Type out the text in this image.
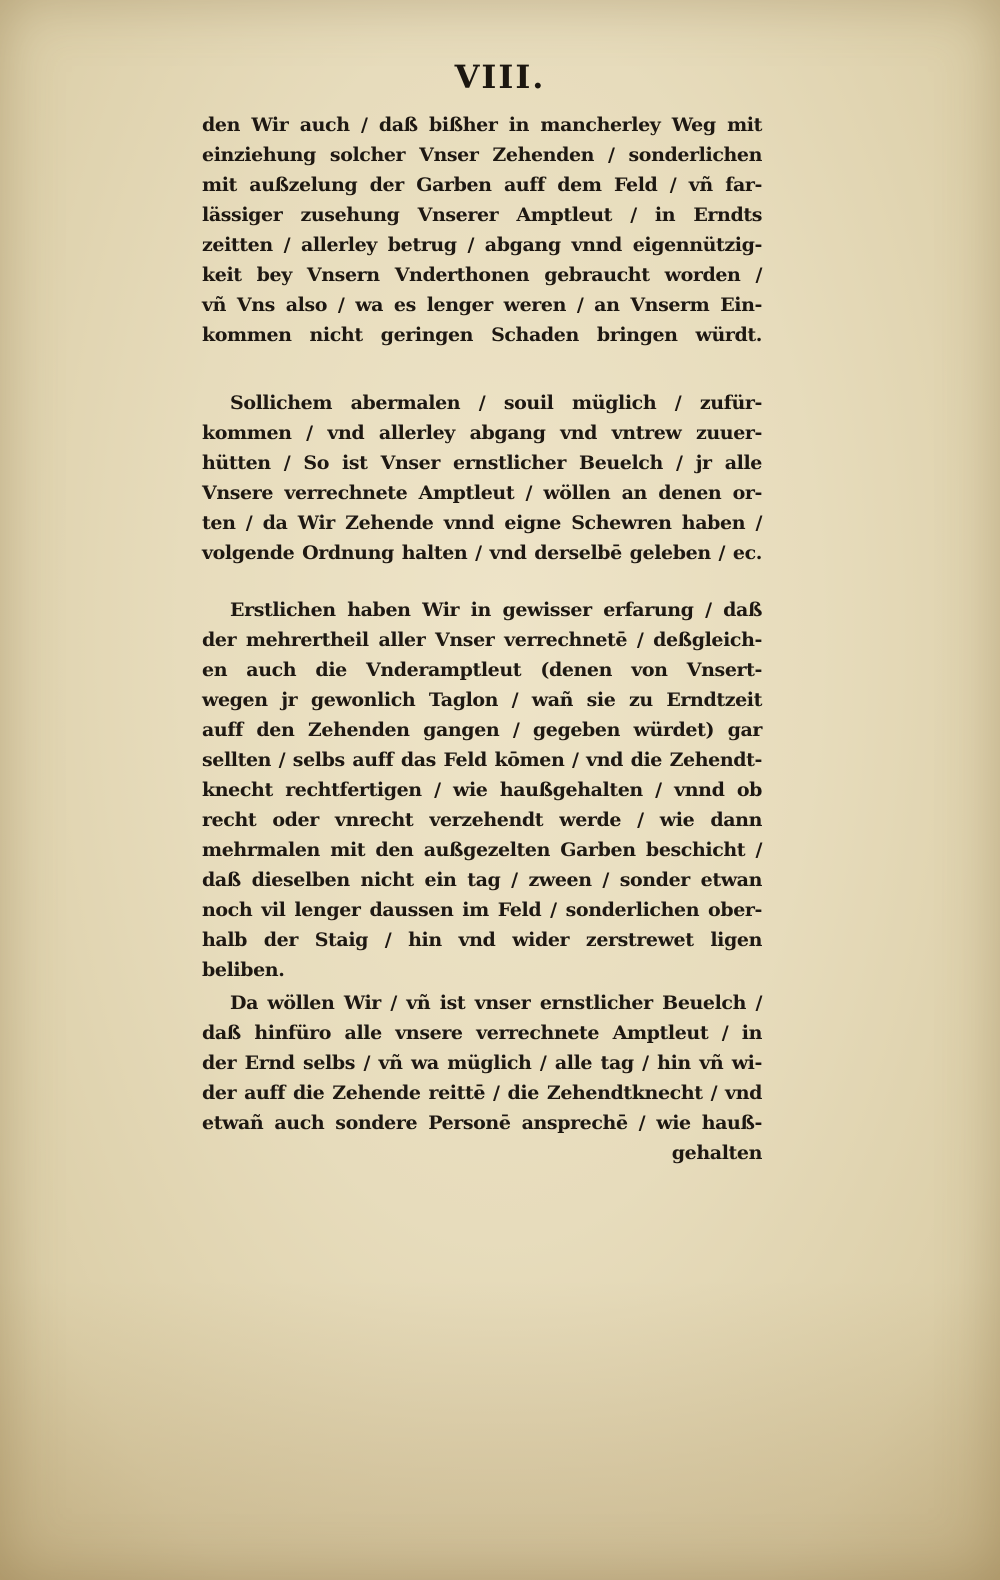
VIII.
den Wir auch / daß bißher in mancherley Weg mit
einziehung solcher Vnser Zehenden / sonderlichen
mit außzelung der Garben auff dem Feld / vñ far-
lässiger zusehung Vnserer Amptleut / in Erndts
zeitten / allerley betrug / abgang vnnd eigennützig-
keit bey Vnsern Vnderthonen gebraucht worden /
vñ Vns also / wa es lenger weren / an Vnserm Ein-
kommen nicht geringen Schaden bringen würdt.
Sollichem abermalen / souil müglich / zufür-
kommen / vnd allerley abgang vnd vntrew zuuer-
hütten / So ist Vnser ernstlicher Beuelch / jr alle
Vnsere verrechnete Amptleut / wöllen an denen or-
ten / da Wir Zehende vnnd eigne Schewren haben /
volgende Ordnung halten / vnd derselbē geleben / ec.
Erstlichen haben Wir in gewisser erfarung / daß
der mehrertheil aller Vnser verrechnetē / deßgleich-
en auch die Vnderamptleut (denen von Vnsert-
wegen jr gewonlich Taglon / wañ sie zu Erndtzeit
auff den Zehenden gangen / gegeben würdet) gar
sellten / selbs auff das Feld kōmen / vnd die Zehendt-
knecht rechtfertigen / wie haußgehalten / vnnd ob
recht oder vnrecht verzehendt werde / wie dann
mehrmalen mit den außgezelten Garben beschicht /
daß dieselben nicht ein tag / zween / sonder etwan
noch vil lenger daussen im Feld / sonderlichen ober-
halb der Staig / hin vnd wider zerstrewet ligen
beliben.
Da wöllen Wir / vñ ist vnser ernstlicher Beuelch /
daß hinfüro alle vnsere verrechnete Amptleut / in
der Ernd selbs / vñ wa müglich / alle tag / hin vñ wi-
der auff die Zehende reittē / die Zehendtknecht / vnd
etwañ auch sondere Personē ansprechē / wie hauß-
gehalten
